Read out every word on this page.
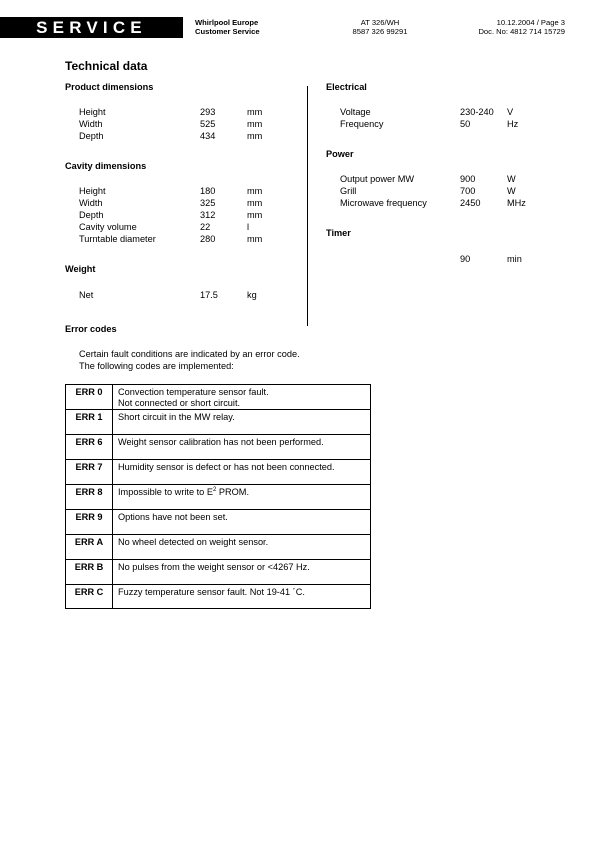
SERVICE	Whirlpool Europe
Customer Service
AT 326/WH
8587 326 99291
10.12.2004 / Page 3
Doc. No: 4812 714 15729
Technical data
Product dimensions
Height	293	mm
Width	525	mm
Depth	434	mm
Cavity dimensions
Height	180	mm
Width	325	mm
Depth	312	mm
Cavity volume	22	l
Turntable diameter	280	mm
Weight
Net	17.5	kg
Electrical
Voltage	230-240 V
Frequency	50	Hz
Power
Output power MW	900	W
Grill	700	W
Microwave frequency	2450	MHz
Timer
90	min
Error codes
Certain fault conditions are indicated by an error code.
The following codes are implemented:
ERR 0	Convection temperature sensor fault.
Not connected or short circuit.

ERR 1	Short circuit in the MW relay.
ERR 6	Weight sensor calibration has not been performed.
ERR 7	Humidity sensor is defect or has not been connected.
ERR 8	Impossible to write to $E^2$ PROM.
ERR 9	Options have not been set.
ERR A	No wheel detected on weight sensor.
ERR B	No pulses from the weight sensor or <4267 Hz.
ERR C	Fuzzy temperature sensor fault. Not 19-41 ´C.
